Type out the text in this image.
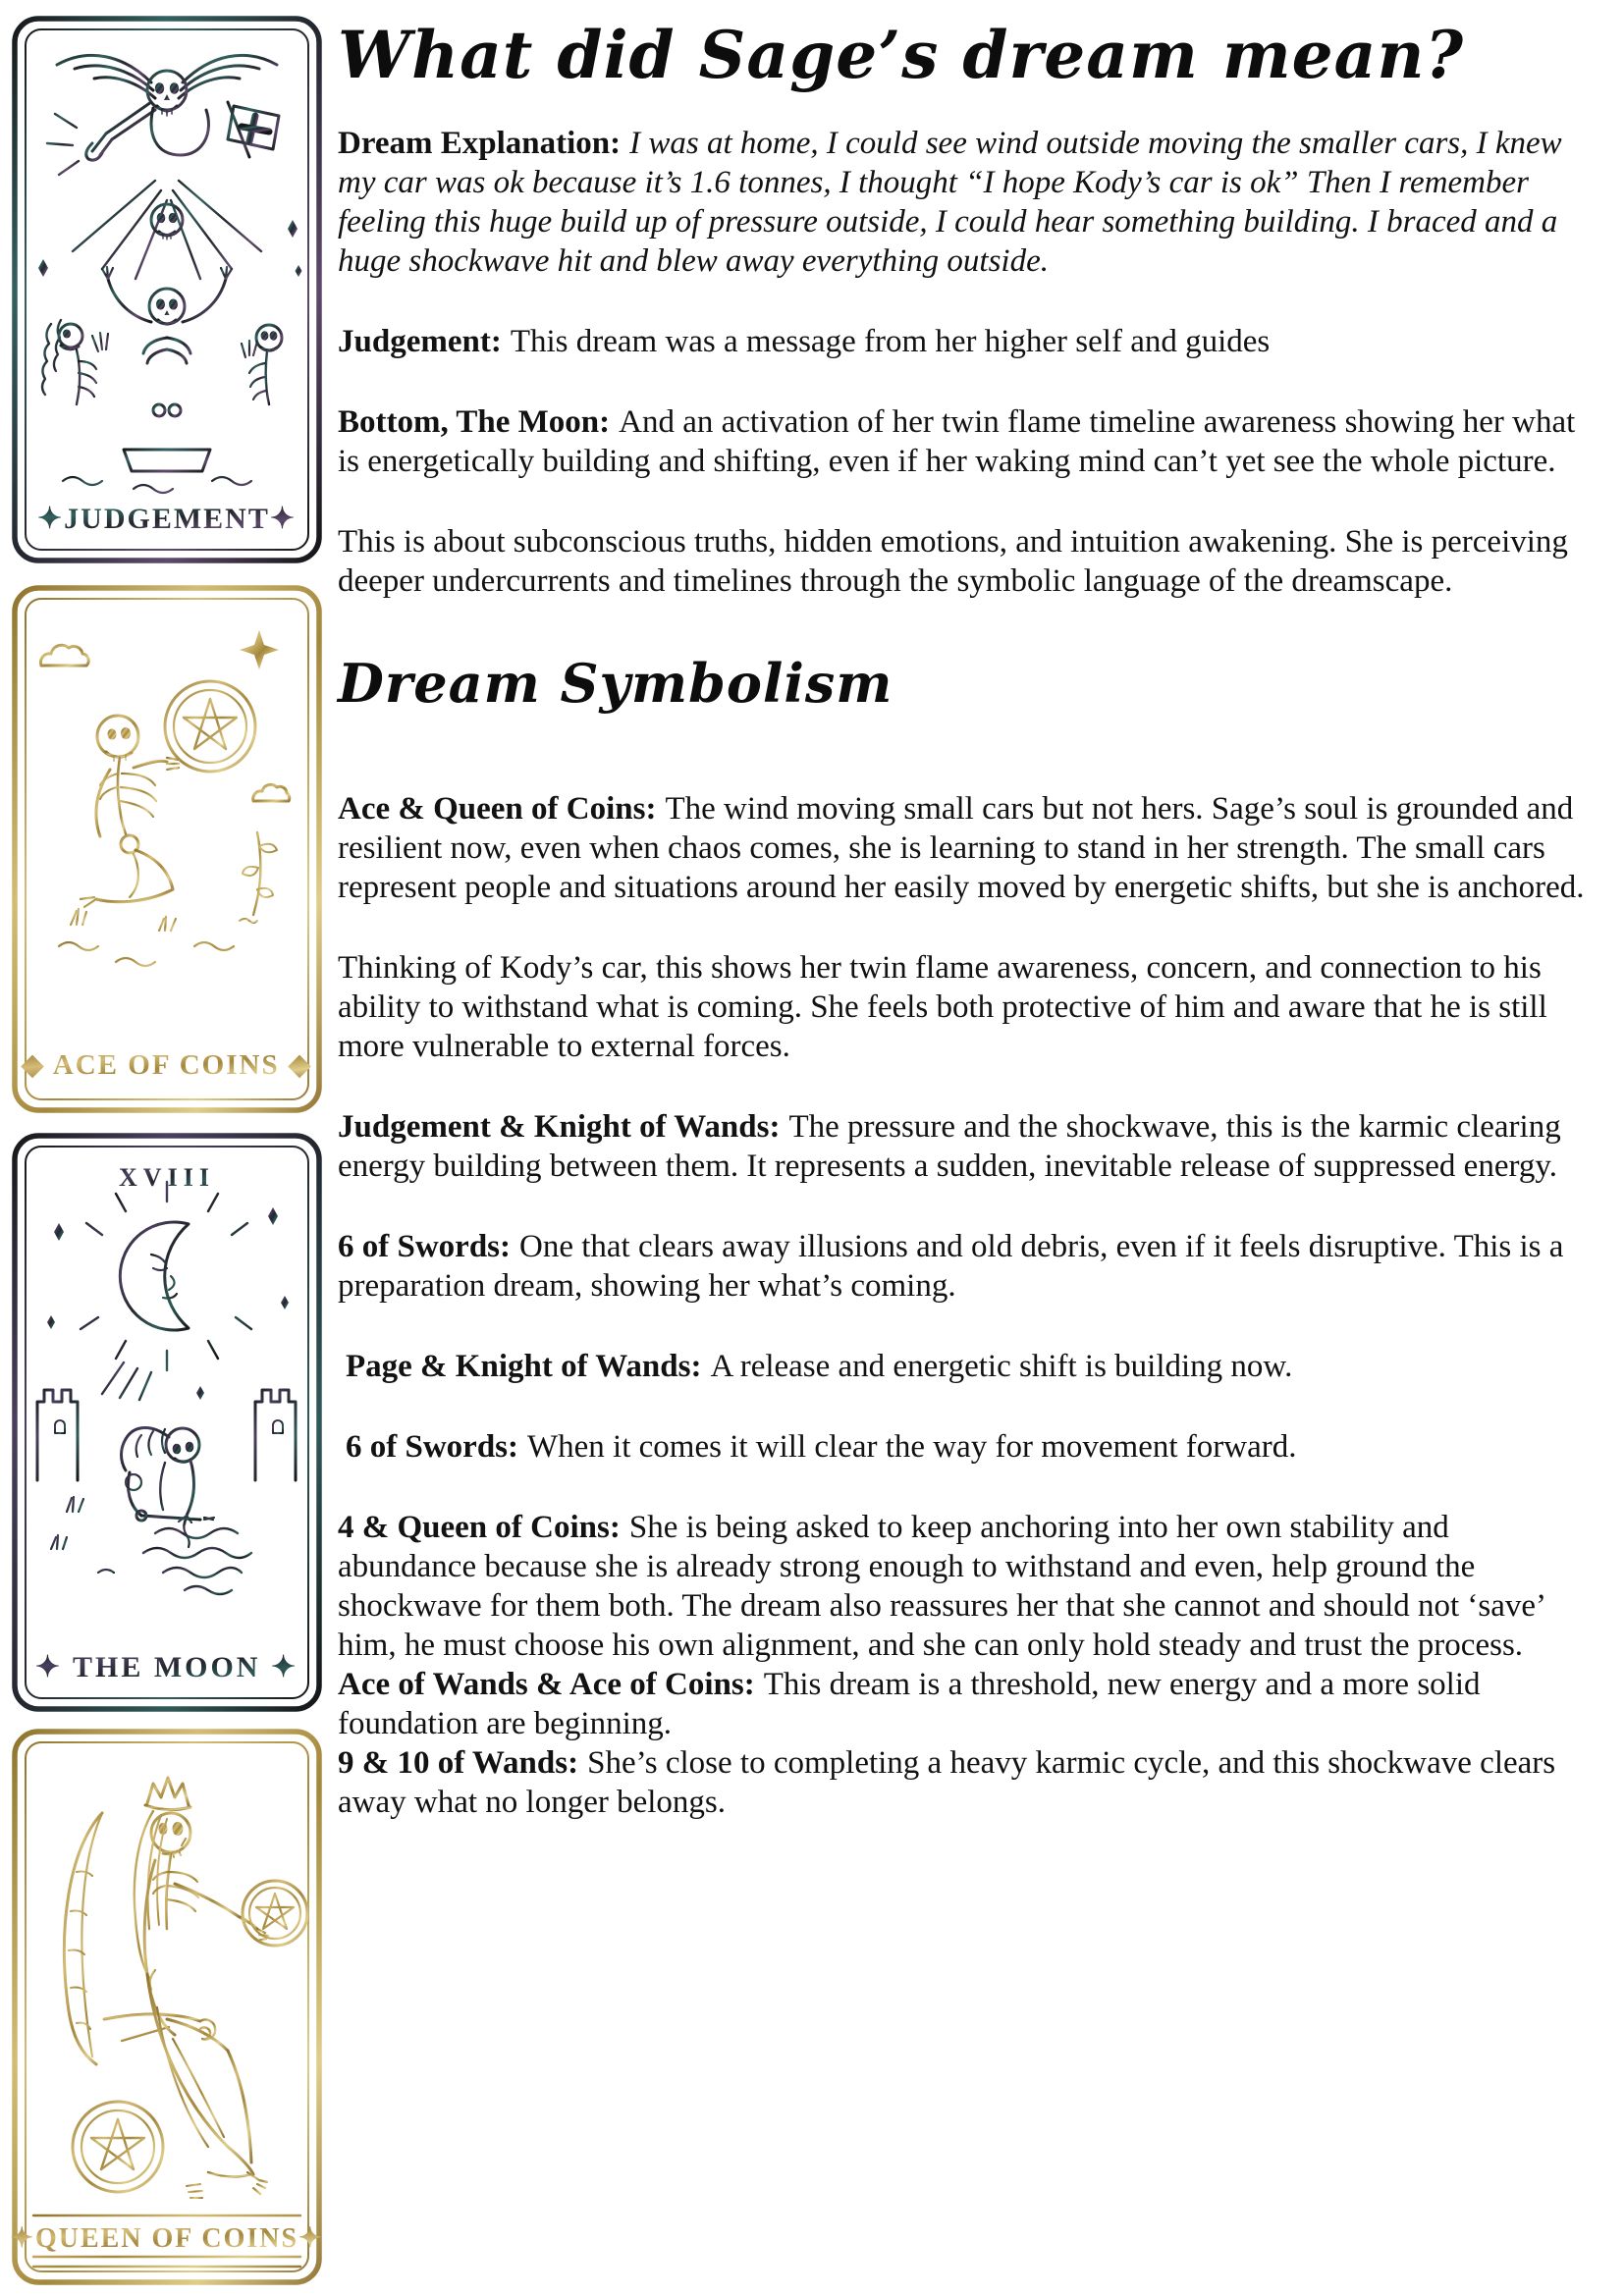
✦JUDGEMENT✦
◆ ACE OF COINS ◆
XVIII
✦ THE MOON ✦
✦QUEEN OF COINS✦
What did Sage’s dream mean?

Dream Explanation: I was at home, I could see wind outside moving the smaller cars, I knew my car was ok because it’s 1.6 tonnes, I thought “I hope Kody’s car is ok” Then I remember feeling this huge build up of pressure outside, I could hear something building. I braced and a huge shockwave hit and blew away everything outside.

Judgement: This dream was a message from her higher self and guides

Bottom, The Moon: And an activation of her twin flame timeline awareness showing her what is energetically building and shifting, even if her waking mind can’t yet see the whole picture.

This is about subconscious truths, hidden emotions, and intuition awakening. She is perceiving deeper undercurrents and timelines through the symbolic language of the dreamscape.

Dream Symbolism

Ace & Queen of Coins: The wind moving small cars but not hers. Sage’s soul is grounded and resilient now, even when chaos comes, she is learning to stand in her strength. The small cars represent people and situations around her easily moved by energetic shifts, but she is anchored.

Thinking of Kody’s car, this shows her twin flame awareness, concern, and connection to his ability to withstand what is coming. She feels both protective of him and aware that he is still more vulnerable to external forces.

Judgement & Knight of Wands: The pressure and the shockwave, this is the karmic clearing energy building between them. It represents a sudden, inevitable release of suppressed energy.

6 of Swords: One that clears away illusions and old debris, even if it feels disruptive. This is a preparation dream, showing her what’s coming.

Page & Knight of Wands: A release and energetic shift is building now.

6 of Swords: When it comes it will clear the way for movement forward.

4 & Queen of Coins: She is being asked to keep anchoring into her own stability and abundance because she is already strong enough to withstand and even, help ground the shockwave for them both. The dream also reassures her that she cannot and should not ‘save’ him, he must choose his own alignment, and she can only hold steady and trust the process.

Ace of Wands & Ace of Coins: This dream is a threshold, new energy and a more solid foundation are beginning.

9 & 10 of Wands: She’s close to completing a heavy karmic cycle, and this shockwave clears away what no longer belongs.
